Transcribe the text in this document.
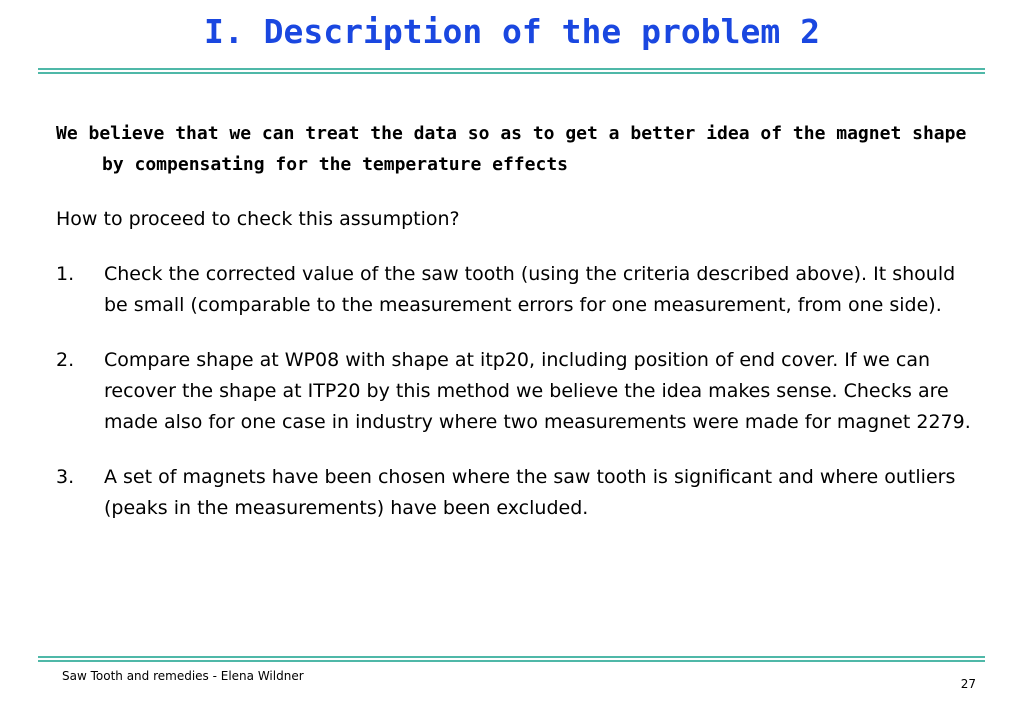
I. Description of the problem 2

We believe that we can treat the data so as to get a better idea of the magnet shape by compensating for the temperature effects

How to proceed to check this assumption?

1.	Check the corrected value of the saw tooth (using the criteria described above). It should be small (comparable to the measurement errors for one measurement, from one side).
2.	Compare shape at WP08 with shape at itp20, including position of end cover. If we can recover the shape at ITP20 by this method we believe the idea makes sense. Checks are made also for one case in industry where two measurements were made for magnet 2279.
3.	A set of magnets have been chosen where the saw tooth is significant and where outliers (peaks in the measurements) have been excluded.
Saw Tooth and remedies - Elena Wildner
27
